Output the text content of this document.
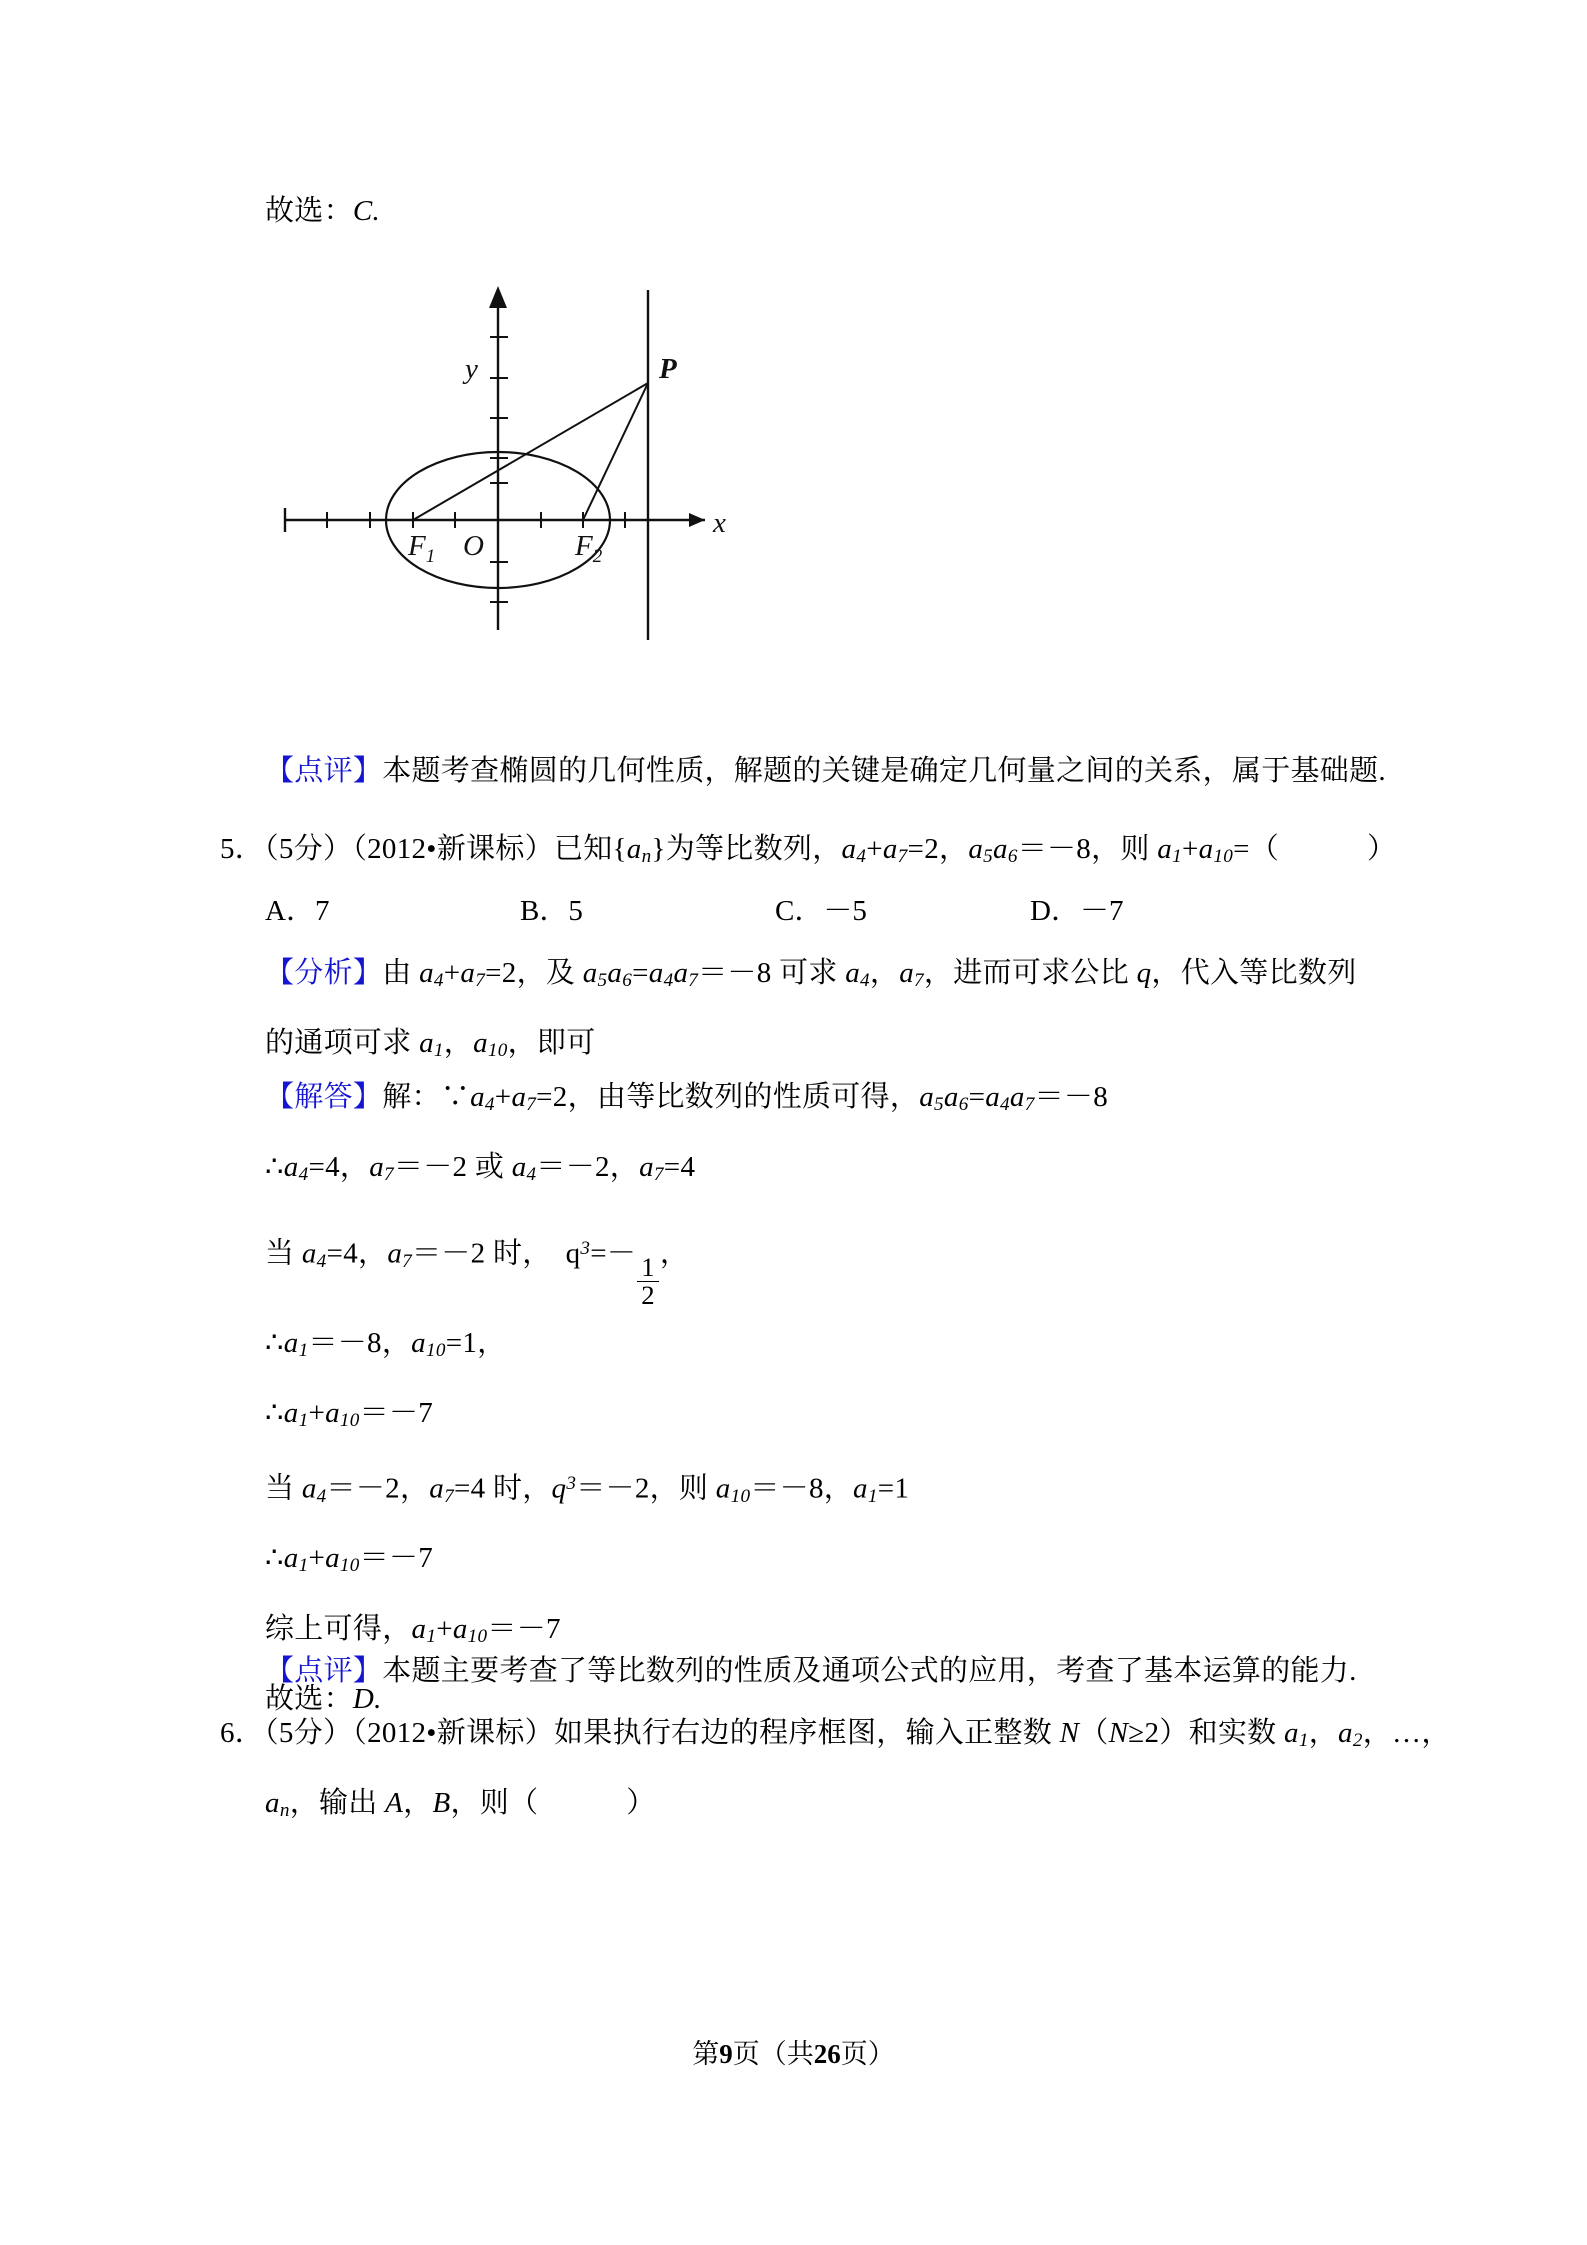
故选：C.
y
x
$F_1$ O	$F_2$
P
【点评】本题考查椭圆的几何性质，解题的关键是确定几何量之间的关系，属于基础题.
5．（5分）（2012•新课标）已知$\{a_n\}$为等比数列，$a_4+a_7=2$，$a_5a_6=-8$，则 $a_1+a_{10}=$（　　　）
A．7	B．5	C．－5	D．－7
【分析】由 $a_4+a_7=2$，及 $a_5a_6=a_4a_7=-8$ 可求 $a_4$，$a_7$，进而可求公比 q，代入等比数列
的通项可求 $a_1$，$a_{10}$，即可
【解答】解：$\because a_4+a_7=2$，由等比数列的性质可得，$a_5a_6=a_4a_7=-8$
$\therefore a_4=4$，$a_7=-2$ 或 $a_4=-2$，$a_7=4$
当 $a_4=4$，$a_7=-2$ 时， $q^3=- \frac{1}{2}$ ，
$\therefore a_1=-8$，$a_{10}=1$，
$\therefore a_1+a_{10}=-7$
当 $a_4=-2$，$a_7=4$ 时，$q^3=-2$，则 $a_{10}=-8$，$a_1=1$
$\therefore a_1+a_{10}=-7$
综上可得，$a_1+a_{10}=-7$
故选：D.
【点评】本题主要考查了等比数列的性质及通项公式的应用，考查了基本运算的能力.
6．（5分）（2012•新课标）如果执行右边的程序框图，输入正整数 N（N≥2）和实数 $a_1$，$a_2$，…，
$a_n$，输出 A，B，则（　　　）
第9页（共26页）
